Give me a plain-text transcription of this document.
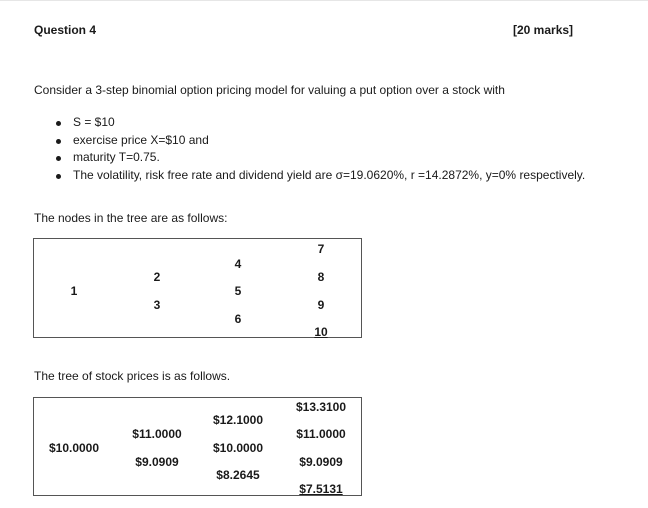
Question 4	[20 marks]
Consider a 3-step binomial option pricing model for valuing a put option over a stock with
S = $10
exercise price X=$10 and
maturity T=0.75.
The volatility, risk free rate and dividend yield are σ=19.0620%, r =14.2872%, y=0% respectively.
The nodes in the tree are as follows:
1
2
3
4
5
6
7
8
9
10
The tree of stock prices is as follows.
$10.0000
$11.0000
$9.0909
$12.1000
$10.0000
$8.2645
$13.3100
$11.0000
$9.0909
$7.5131
